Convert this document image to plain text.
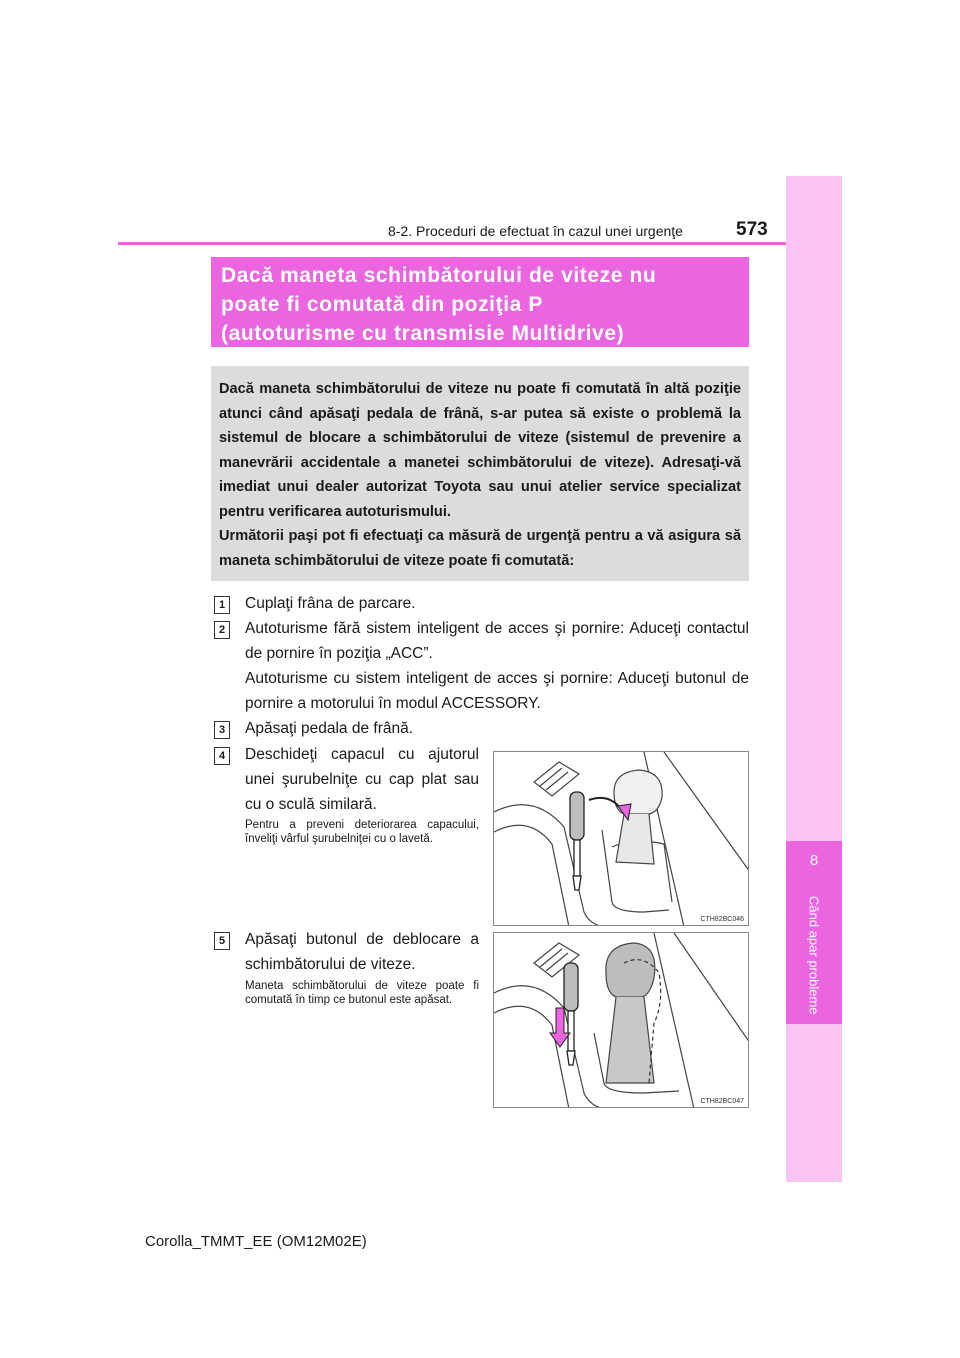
8
Când apar probleme
8-2. Proceduri de efectuat în cazul unei urgenţe	573
Dacă maneta schimbătorului de viteze nu
poate fi comutată din poziţia P
(autoturisme cu transmisie Multidrive)

Dacă maneta schimbătorului de viteze nu poate fi comutată în altă poziţie atunci când apăsaţi pedala de frână, s-ar putea să existe o problemă la sistemul de blocare a schimbătorului de viteze (sistemul de prevenire a manevrării accidentale a manetei schimbătorului de viteze). Adresaţi-vă imediat unui dealer autorizat Toyota sau unui atelier service specializat pentru verificarea autoturismului.

Următorii paşi pot fi efectuaţi ca măsură de urgenţă pentru a vă asigura să maneta schimbătorului de viteze poate fi comutată:

1	Cuplaţi frâna de parcare.
2	Autoturisme fără sistem inteligent de acces şi pornire: Aduceţi contactul de pornire în poziţia „ACC”.
Autoturisme cu sistem inteligent de acces şi pornire: Aduceţi butonul de pornire a motorului în modul ACCESSORY.
3	Apăsaţi pedala de frână.
4	Deschideţi capacul cu ajutorul unei şurubelniţe cu cap plat sau cu o sculă similară.
Pentru a preveni deteriorarea capacului, înveliţi vârful şurubelniţei cu o lavetă.
CTH82BC046
5	Apăsaţi butonul de deblocare a schimbătorului de viteze.
Maneta schimbătorului de viteze poate fi comutată în timp ce butonul este apăsat.
CTH82BC047
Corolla_TMMT_EE (OM12M02E)
